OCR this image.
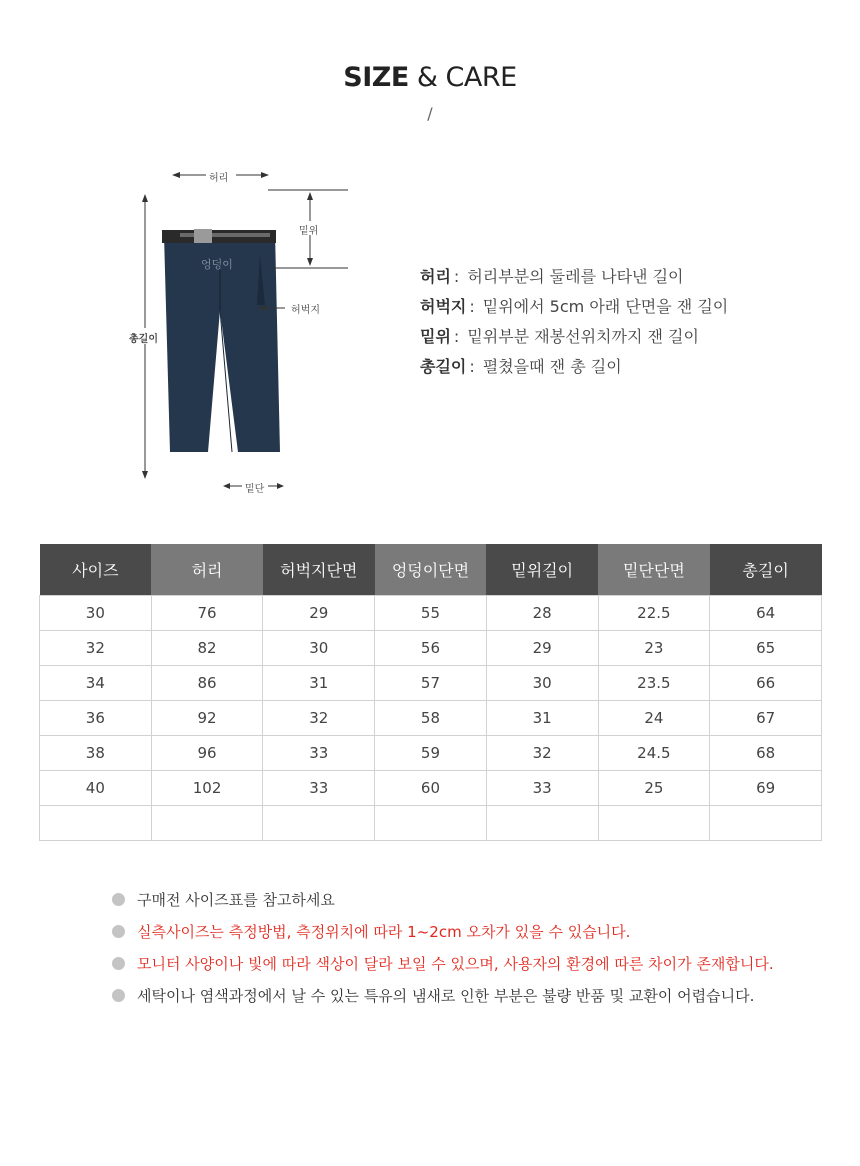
SIZE & CARE
/
허리
엉덩이
밑위
허벅지
총길이
밑단
허리 : 허리부분의 둘레를 나타낸 길이
허벅지 : 밑위에서 5cm 아래 단면을 잰 길이
밑위 : 밑위부분 재봉선위치까지 잰 길이
총길이 : 펼쳤을때 잰 총 길이
사이즈	허리	허벅지단면	엉덩이단면	밑위길이	밑단단면	총길이
30	76	29	55	28	22.5	64
32	82	30	56	29	23	65
34	86	31	57	30	23.5	66
36	92	32	58	31	24	67
38	96	33	59	32	24.5	68
40	102	33	60	33	25	69

구매전 사이즈표를 참고하세요
실측사이즈는 측정방법, 측정위치에 따라 1~2cm 오차가 있을 수 있습니다.
모니터 사양이나 빛에 따라 색상이 달라 보일 수 있으며, 사용자의 환경에 따른 차이가 존재합니다.
세탁이나 염색과정에서 날 수 있는 특유의 냄새로 인한 부분은 불량 반품 및 교환이 어렵습니다.
